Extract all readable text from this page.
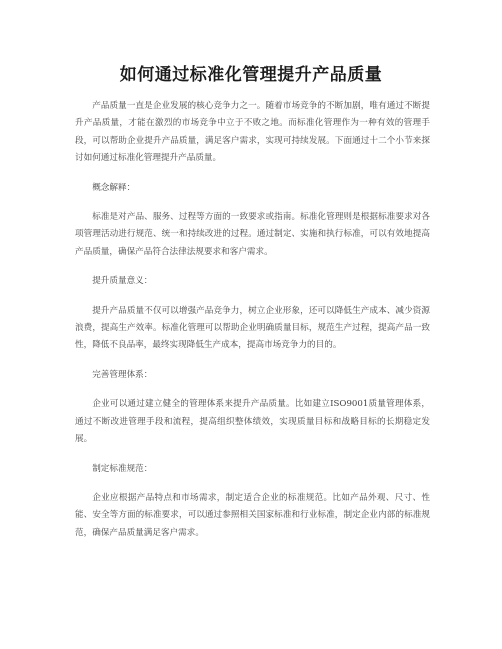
如何通过标准化管理提升产品质量

产品质量一直是企业发展的核心竞争力之一。随着市场竞争的不断加剧，唯有通过不断提升产品质量，才能在激烈的市场竞争中立于不败之地。而标准化管理作为一种有效的管理手段，可以帮助企业提升产品质量，满足客户需求，实现可持续发展。下面通过十二个小节来探讨如何通过标准化管理提升产品质量。

概念解释：

标准是对产品、服务、过程等方面的一致要求或指南。标准化管理则是根据标准要求对各项管理活动进行规范、统一和持续改进的过程。通过制定、实施和执行标准，可以有效地提高产品质量，确保产品符合法律法规要求和客户需求。

提升质量意义：

提升产品质量不仅可以增强产品竞争力，树立企业形象，还可以降低生产成本、减少资源浪费，提高生产效率。标准化管理可以帮助企业明确质量目标，规范生产过程，提高产品一致性，降低不良品率，最终实现降低生产成本，提高市场竞争力的目的。

完善管理体系：

企业可以通过建立健全的管理体系来提升产品质量。比如建立ISO9001质量管理体系，通过不断改进管理手段和流程，提高组织整体绩效，实现质量目标和战略目标的长期稳定发展。

制定标准规范：

企业应根据产品特点和市场需求，制定适合企业的标准规范。比如产品外观、尺寸、性能、安全等方面的标准要求，可以通过参照相关国家标准和行业标准，制定企业内部的标准规范，确保产品质量满足客户需求。
